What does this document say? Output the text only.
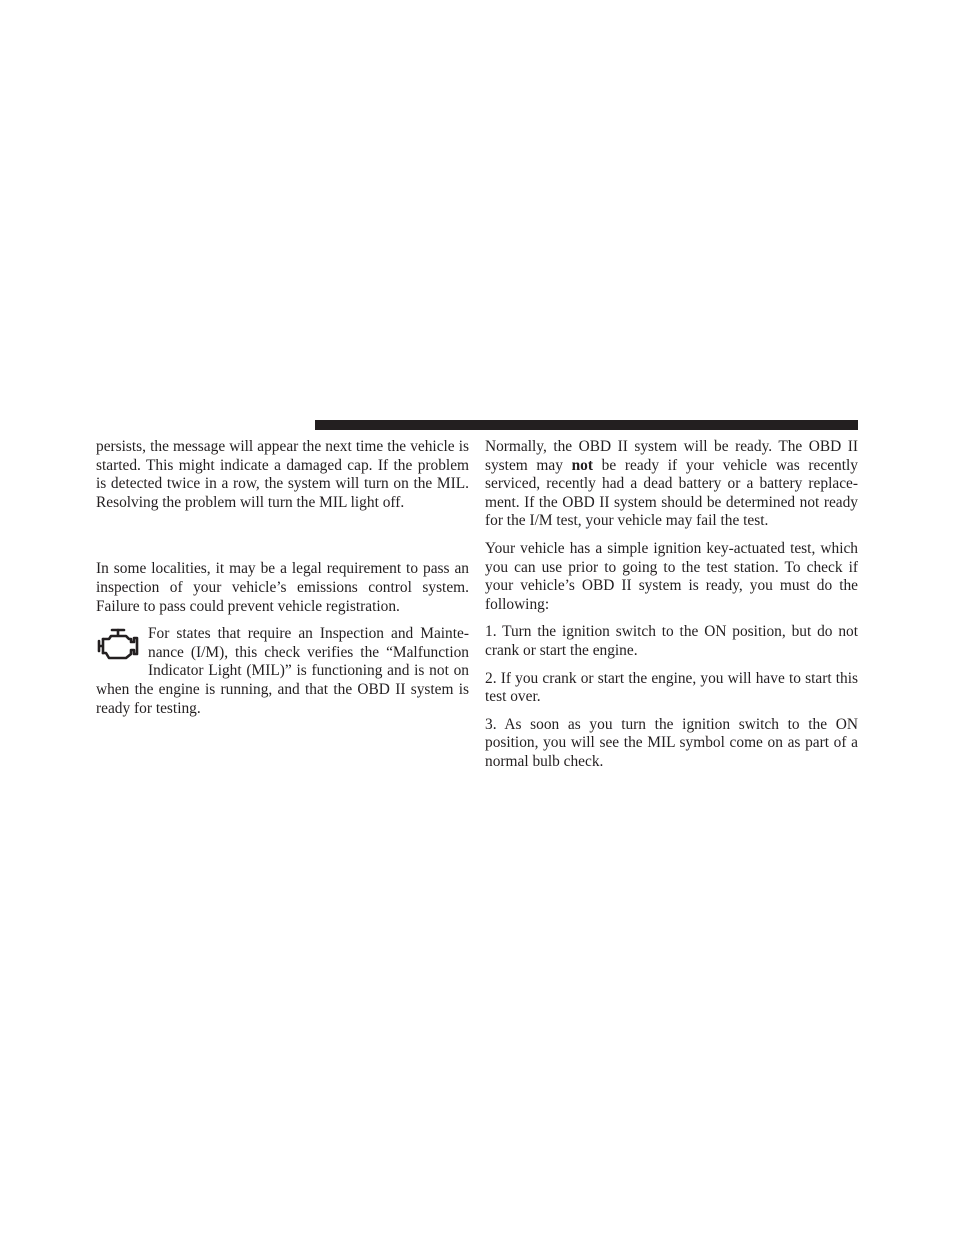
persists, the message will appear the next time the vehicle is started. This might indicate a damaged cap. If the problem is detected twice in a row, the system will turn on the MIL. Resolving the problem will turn the MIL light off.

In some localities, it may be a legal requirement to pass an inspection of your vehicle’s emissions control system. Failure to pass could prevent vehicle registration.

For states that require an Inspection and Maintenance (I/M), this check verifies the “Malfunction Indicator Light (MIL)” is functioning and is not on when the engine is running, and that the OBD II system is ready for testing.

Normally, the OBD II system will be ready. The OBD II system may not be ready if your vehicle was recently serviced, recently had a dead battery or a battery replacement. If the OBD II system should be determined not ready for the I/M test, your vehicle may fail the test.

Your vehicle has a simple ignition key-actuated test, which you can use prior to going to the test station. To check if your vehicle’s OBD II system is ready, you must do the following:

1. Turn the ignition switch to the ON position, but do not crank or start the engine.

2. If you crank or start the engine, you will have to start this test over.

3. As soon as you turn the ignition switch to the ON position, you will see the MIL symbol come on as part of a normal bulb check.
